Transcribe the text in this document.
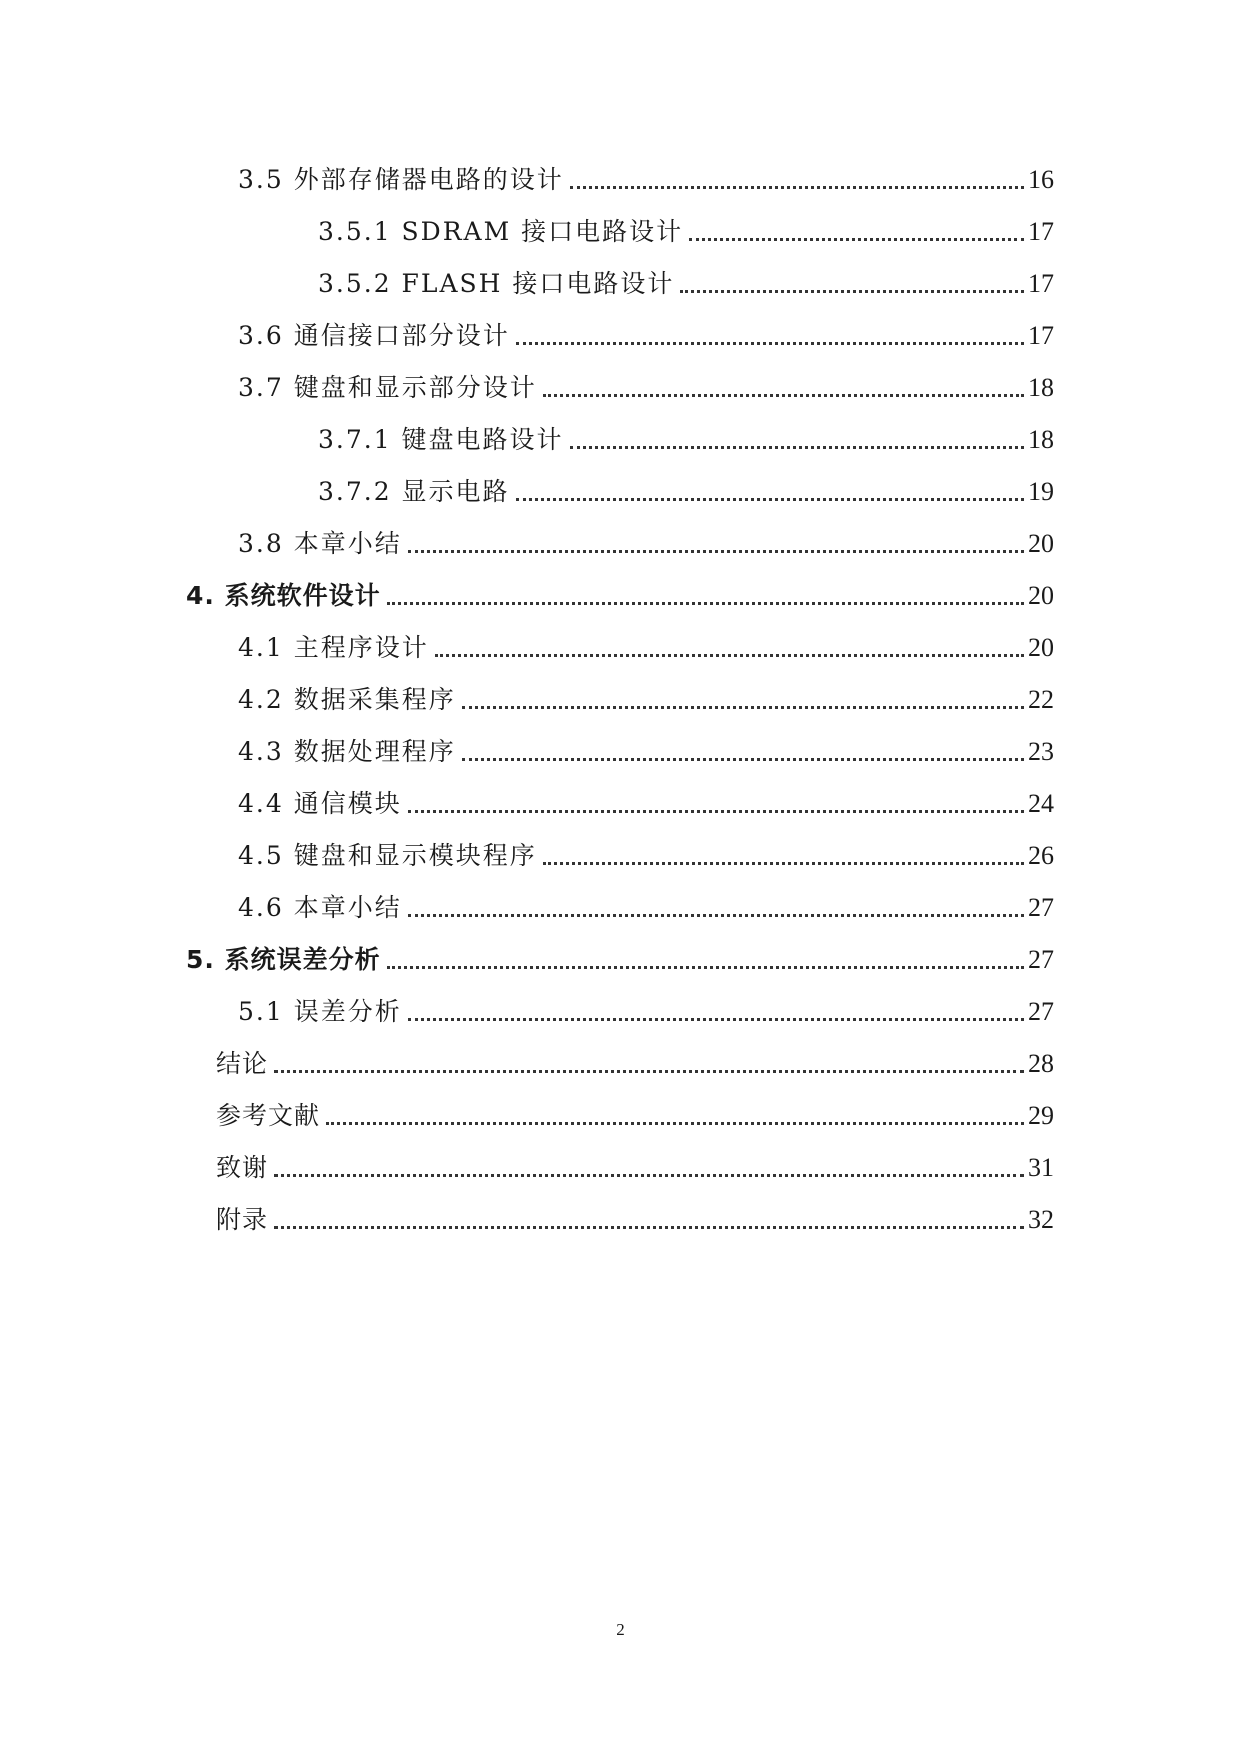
3.5 外部存储器电路的设计	16
3.5.1 SDRAM 接口电路设计	17
3.5.2 FLASH 接口电路设计	17
3.6 通信接口部分设计	17
3.7 键盘和显示部分设计	18
3.7.1 键盘电路设计	18
3.7.2 显示电路	19
3.8 本章小结	20
4. 系统软件设计	20
4.1 主程序设计	20
4.2 数据采集程序	22
4.3 数据处理程序	23
4.4 通信模块	24
4.5 键盘和显示模块程序	26
4.6 本章小结	27
5. 系统误差分析	27
5.1 误差分析	27
结论	28
参考文献	29
致谢	31
附录	32
2
